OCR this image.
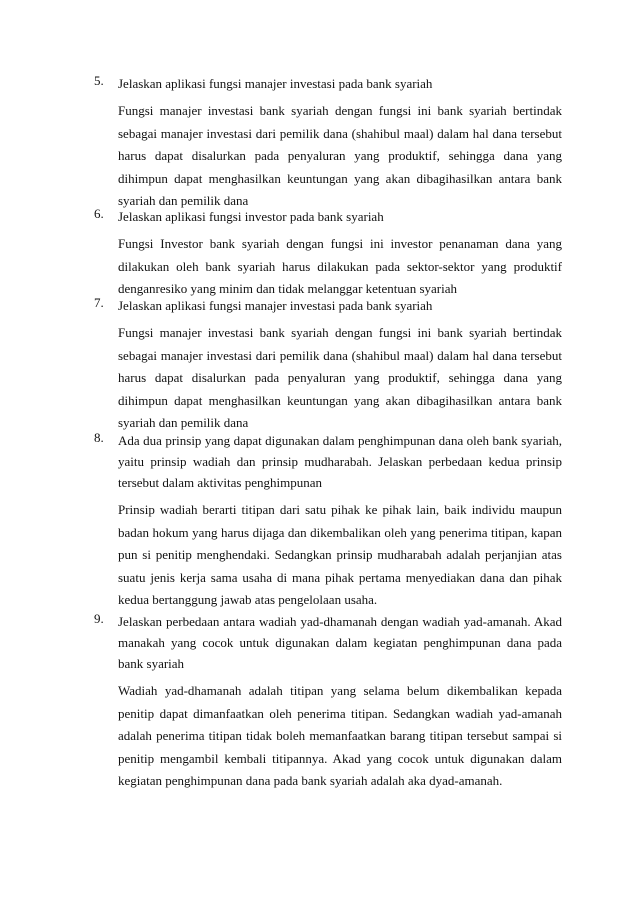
5. Jelaskan aplikasi fungsi manajer investasi pada bank syariah
Fungsi manajer investasi bank syariah dengan fungsi ini bank syariah bertindak sebagai manajer investasi dari pemilik dana (shahibul maal) dalam hal dana tersebut harus dapat disalurkan pada penyaluran yang produktif, sehingga dana yang dihimpun dapat menghasilkan keuntungan yang akan dibagihasilkan antara bank syariah dan pemilik dana
6. Jelaskan aplikasi fungsi investor pada bank syariah
Fungsi Investor bank syariah dengan fungsi ini investor penanaman dana yang dilakukan oleh bank syariah harus dilakukan pada sektor-sektor yang produktif denganresiko yang minim dan tidak melanggar ketentuan syariah
7. Jelaskan aplikasi fungsi manajer investasi pada bank syariah
Fungsi manajer investasi bank syariah dengan fungsi ini bank syariah bertindak sebagai manajer investasi dari pemilik dana (shahibul maal) dalam hal dana tersebut harus dapat disalurkan pada penyaluran yang produktif, sehingga dana yang dihimpun dapat menghasilkan keuntungan yang akan dibagihasilkan antara bank syariah dan pemilik dana
8. Ada dua prinsip yang dapat digunakan dalam penghimpunan dana oleh bank syariah, yaitu prinsip wadiah dan prinsip mudharabah. Jelaskan perbedaan kedua prinsip tersebut dalam aktivitas penghimpunan
Prinsip wadiah berarti titipan dari satu pihak ke pihak lain, baik individu maupun badan hokum yang harus dijaga dan dikembalikan oleh yang penerima titipan, kapan pun si penitip menghendaki. Sedangkan prinsip mudharabah adalah perjanjian atas suatu jenis kerja sama usaha di mana pihak pertama menyediakan dana dan pihak kedua bertanggung jawab atas pengelolaan usaha.
9. Jelaskan perbedaan antara wadiah yad-dhamanah dengan wadiah yad-amanah. Akad manakah yang cocok untuk digunakan dalam kegiatan penghimpunan dana pada bank syariah
Wadiah yad-dhamanah adalah titipan yang selama belum dikembalikan kepada penitip dapat dimanfaatkan oleh penerima titipan. Sedangkan wadiah yad-amanah adalah penerima titipan tidak boleh memanfaatkan barang titipan tersebut sampai si penitip mengambil kembali titipannya. Akad yang cocok untuk digunakan dalam kegiatan penghimpunan dana pada bank syariah adalah aka dyad-amanah.
